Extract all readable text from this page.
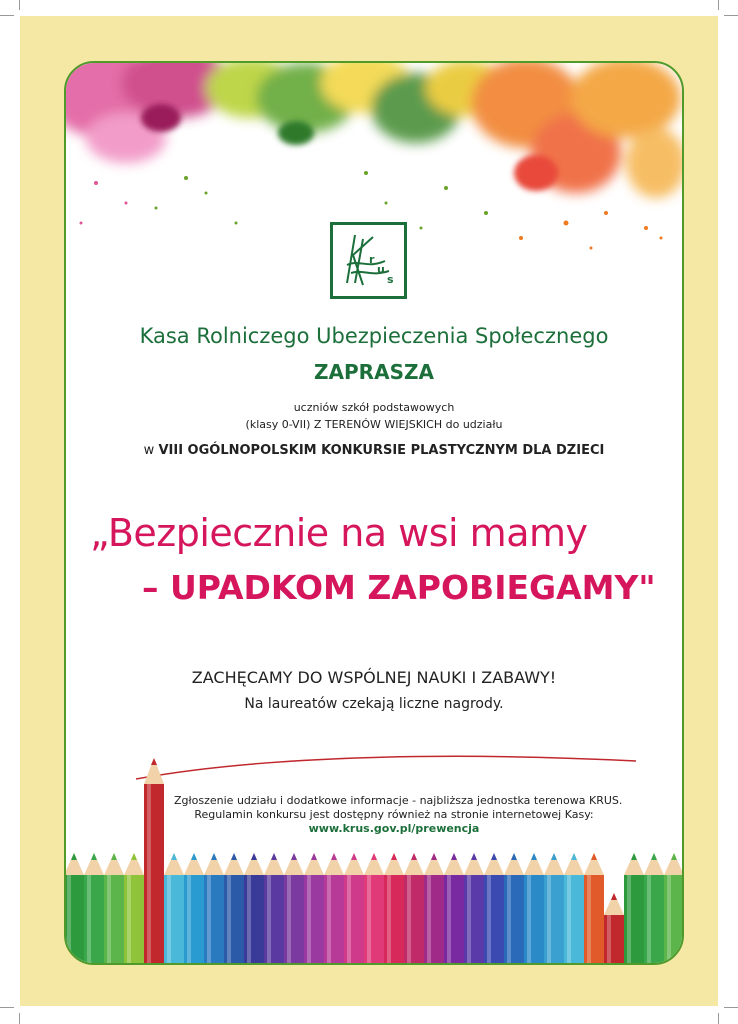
r
u
s
Kasa Rolniczego Ubezpieczenia Społecznego
ZAPRASZA
uczniów szkół podstawowych
(klasy 0-VII) Z TERENÓW WIEJSKICH do udziału
w VIII OGÓLNOPOLSKIM KONKURSIE PLASTYCZNYM DLA DZIECI
„Bezpiecznie na wsi mamy
– UPADKOM ZAPOBIEGAMY"
ZACHĘCAMY DO WSPÓLNEJ NAUKI I ZABAWY!
Na laureatów czekają liczne nagrody.
Zgłoszenie udziału i dodatkowe informacje - najbliższa jednostka terenowa KRUS.
Regulamin konkursu jest dostępny również na stronie internetowej Kasy:
www.krus.gov.pl/prewencja
